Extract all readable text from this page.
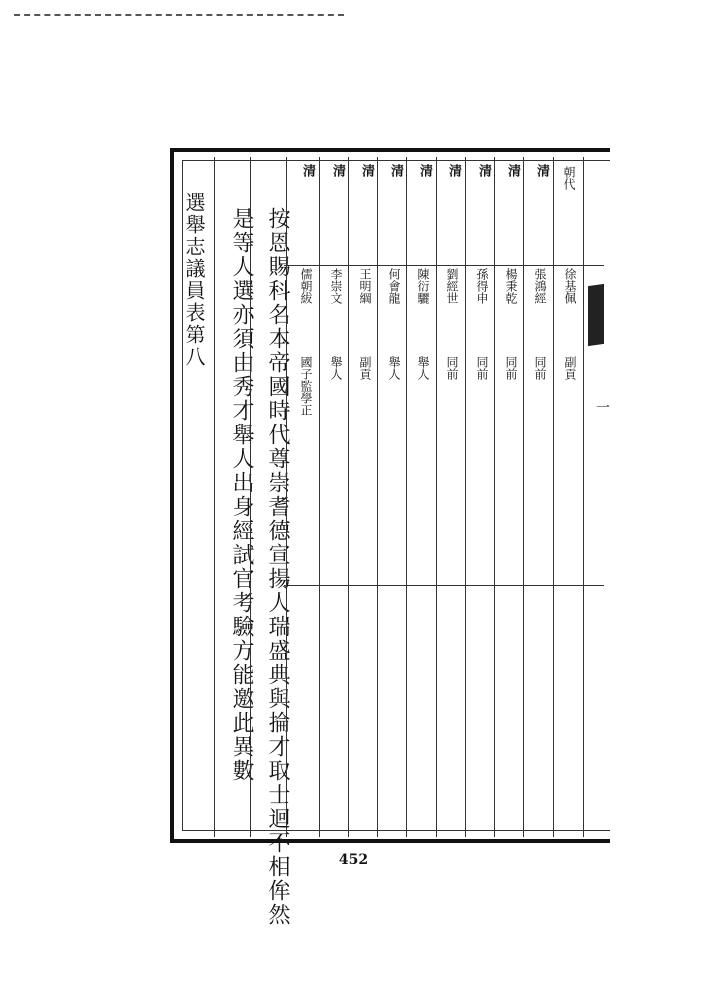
選舉志議員表第八	按恩賜科名本帝國時代尊崇耆德宣揚人瑞盛典與掄才取士迴不相侔然
是等人選亦須由秀才舉人出身經試官考驗方能邀此異數
朝代
清
徐基佩
副貢
清
張鴻經
同前
清
楊秉乾
同前
清
孫得申
同前
清
劉經世
同前
清
陳衍驪
舉人
清
何會龍
舉人
清
王明綱
副貢
清
李崇文
舉人
儒朝紱
國子監學正	一
452
